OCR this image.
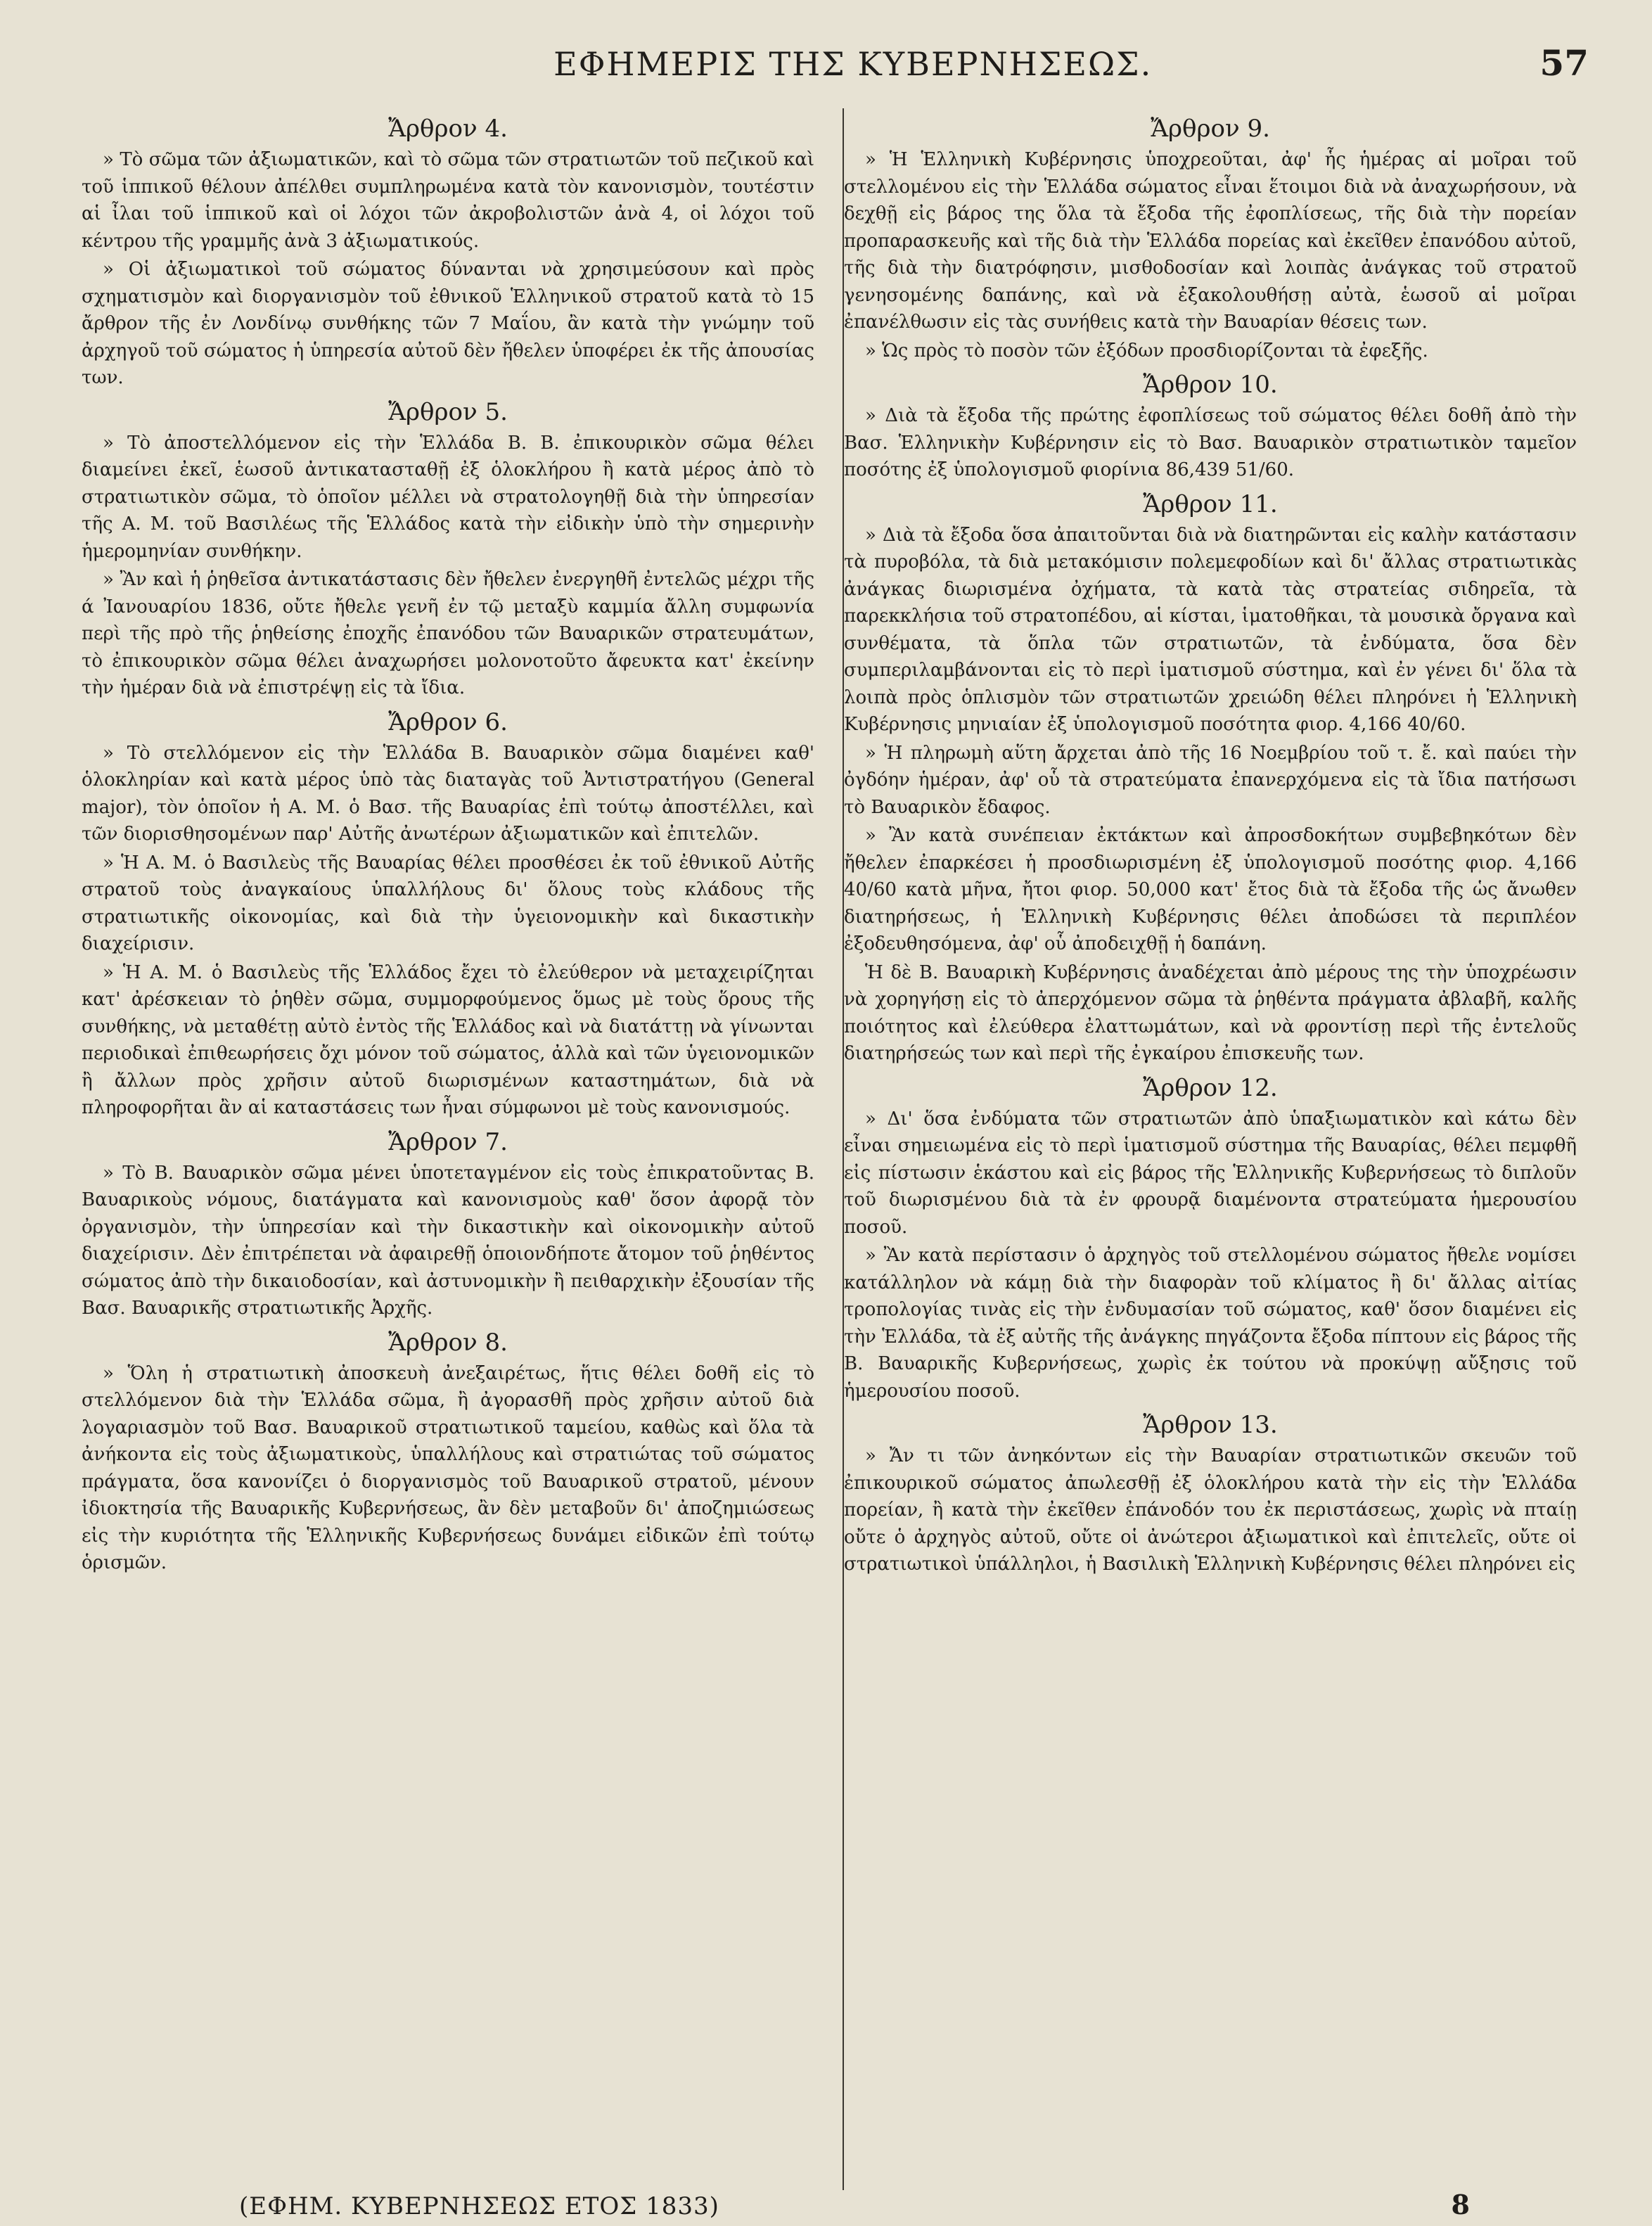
ΕΦΗΜΕΡΙΣ ΤΗΣ ΚΥΒΕΡΝΗΣΕΩΣ.	57
Ἄρθρον 4.

» Τὸ σῶμα τῶν ἀξιωματικῶν, καὶ τὸ σῶμα τῶν στρατιωτῶν τοῦ πεζικοῦ καὶ τοῦ ἱππικοῦ θέλουν ἀπέλθει συμπληρωμένα κατὰ τὸν κανονισμὸν, τουτέστιν αἱ ἶλαι τοῦ ἱππικοῦ καὶ οἱ λόχοι τῶν ἀκροβολιστῶν ἀνὰ 4, οἱ λόχοι τοῦ κέντρου τῆς γραμμῆς ἀνὰ 3 ἀξιωματικούς.

» Οἱ ἀξιωματικοὶ τοῦ σώματος δύνανται νὰ χρησιμεύσουν καὶ πρὸς σχηματισμὸν καὶ διοργανισμὸν τοῦ ἐθνικοῦ Ἑλληνικοῦ στρατοῦ κατὰ τὸ 15 ἄρθρον τῆς ἐν Λονδίνῳ συνθήκης τῶν 7 Μαΐου, ἂν κατὰ τὴν γνώμην τοῦ ἀρχηγοῦ τοῦ σώματος ἡ ὑπηρεσία αὐτοῦ δὲν ἤθελεν ὑποφέρει ἐκ τῆς ἀπουσίας των.

Ἄρθρον 5.

» Τὸ ἀποστελλόμενον εἰς τὴν Ἑλλάδα Β. Β. ἐπικουρικὸν σῶμα θέλει διαμείνει ἐκεῖ, ἑωσοῦ ἀντικατασταθῇ ἐξ ὁλοκλήρου ἢ κατὰ μέρος ἀπὸ τὸ στρατιωτικὸν σῶμα, τὸ ὁποῖον μέλλει νὰ στρατολογηθῇ διὰ τὴν ὑπηρεσίαν τῆς Α. Μ. τοῦ Βασιλέως τῆς Ἑλλάδος κατὰ τὴν εἰδικὴν ὑπὸ τὴν σημερινὴν ἡμερομηνίαν συνθήκην.

» Ἂν καὶ ἡ ῥηθεῖσα ἀντικατάστασις δὲν ἤθελεν ἐνεργηθῆ ἐντελῶς μέχρι τῆς ά Ἰανουαρίου 1836, οὔτε ἤθελε γενῆ ἐν τῷ μεταξὺ καμμία ἄλλη συμφωνία περὶ τῆς πρὸ τῆς ῥηθείσης ἐποχῆς ἐπανόδου τῶν Βαυαρικῶν στρατευμάτων, τὸ ἐπικουρικὸν σῶμα θέλει ἀναχωρήσει μολονοτοῦτο ἄφευκτα κατ' ἐκείνην τὴν ἡμέραν διὰ νὰ ἐπιστρέψῃ εἰς τὰ ἴδια.

Ἄρθρον 6.

» Τὸ στελλόμενον εἰς τὴν Ἑλλάδα Β. Βαυαρικὸν σῶμα διαμένει καθ' ὁλοκληρίαν καὶ κατὰ μέρος ὑπὸ τὰς διαταγὰς τοῦ Ἀντιστρατήγου (General major), τὸν ὁποῖον ἡ Α. Μ. ὁ Βασ. τῆς Βαυαρίας ἐπὶ τούτῳ ἀποστέλλει, καὶ τῶν διορισθησομένων παρ' Αὐτῆς ἀνωτέρων ἀξιωματικῶν καὶ ἐπιτελῶν.

» Ἡ Α. Μ. ὁ Βασιλεὺς τῆς Βαυαρίας θέλει προσθέσει ἐκ τοῦ ἐθνικοῦ Αὐτῆς στρατοῦ τοὺς ἀναγκαίους ὑπαλλήλους δι' ὅλους τοὺς κλάδους τῆς στρατιωτικῆς οἰκονομίας, καὶ διὰ τὴν ὑγειονομικὴν καὶ δικαστικὴν διαχείρισιν.

» Ἡ Α. Μ. ὁ Βασιλεὺς τῆς Ἑλλάδος ἔχει τὸ ἐλεύθερον νὰ μεταχειρίζηται κατ' ἀρέσκειαν τὸ ῥηθὲν σῶμα, συμμορφούμενος ὅμως μὲ τοὺς ὅρους τῆς συνθήκης, νὰ μεταθέτῃ αὐτὸ ἐντὸς τῆς Ἑλλάδος καὶ νὰ διατάττῃ νὰ γίνωνται περιοδικαὶ ἐπιθεωρήσεις ὄχι μόνον τοῦ σώματος, ἀλλὰ καὶ τῶν ὑγειονομικῶν ἢ ἄλλων πρὸς χρῆσιν αὐτοῦ διωρισμένων καταστημάτων, διὰ νὰ πληροφορῆται ἂν αἱ καταστάσεις των ἦναι σύμφωνοι μὲ τοὺς κανονισμούς.

Ἄρθρον 7.

» Τὸ Β. Βαυαρικὸν σῶμα μένει ὑποτεταγμένον εἰς τοὺς ἐπικρατοῦντας Β. Βαυαρικοὺς νόμους, διατάγματα καὶ κανονισμοὺς καθ' ὅσον ἀφορᾷ τὸν ὀργανισμὸν, τὴν ὑπηρεσίαν καὶ τὴν δικαστικὴν καὶ οἰκονομικὴν αὐτοῦ διαχείρισιν. Δὲν ἐπιτρέπεται νὰ ἀφαιρεθῇ ὁποιονδήποτε ἄτομον τοῦ ῥηθέντος σώματος ἀπὸ τὴν δικαιοδοσίαν, καὶ ἀστυνομικὴν ἢ πειθαρχικὴν ἐξουσίαν τῆς Βασ. Βαυαρικῆς στρατιωτικῆς Ἀρχῆς.

Ἄρθρον 8.

» Ὅλη ἡ στρατιωτικὴ ἀποσκευὴ ἀνεξαιρέτως, ἥτις θέλει δοθῆ εἰς τὸ στελλόμενον διὰ τὴν Ἑλλάδα σῶμα, ἢ ἀγορασθῆ πρὸς χρῆσιν αὐτοῦ διὰ λογαριασμὸν τοῦ Βασ. Βαυαρικοῦ στρατιωτικοῦ ταμείου, καθὼς καὶ ὅλα τὰ ἀνήκοντα εἰς τοὺς ἀξιωματικοὺς, ὑπαλλήλους καὶ στρατιώτας τοῦ σώματος πράγματα, ὅσα κανονίζει ὁ διοργανισμὸς τοῦ Βαυαρικοῦ στρατοῦ, μένουν ἰδιοκτησία τῆς Βαυαρικῆς Κυβερνήσεως, ἂν δὲν μεταβοῦν δι' ἀποζημιώσεως εἰς τὴν κυριότητα τῆς Ἑλληνικῆς Κυβερνήσεως δυνάμει εἰδικῶν ἐπὶ τούτῳ ὁρισμῶν.

Ἄρθρον 9.

» Ἡ Ἑλληνικὴ Κυβέρνησις ὑποχρεοῦται, ἀφ' ἧς ἡμέρας αἱ μοῖραι τοῦ στελλομένου εἰς τὴν Ἑλλάδα σώματος εἶναι ἕτοιμοι διὰ νὰ ἀναχωρήσουν, νὰ δεχθῇ εἰς βάρος της ὅλα τὰ ἔξοδα τῆς ἐφοπλίσεως, τῆς διὰ τὴν πορείαν προπαρασκευῆς καὶ τῆς διὰ τὴν Ἑλλάδα πορείας καὶ ἐκεῖθεν ἐπανόδου αὐτοῦ, τῆς διὰ τὴν διατρόφησιν, μισθοδοσίαν καὶ λοιπὰς ἀνάγκας τοῦ στρατοῦ γενησομένης δαπάνης, καὶ νὰ ἐξακολουθήσῃ αὐτὰ, ἑωσοῦ αἱ μοῖραι ἐπανέλθωσιν εἰς τὰς συνήθεις κατὰ τὴν Βαυαρίαν θέσεις των.

» Ὡς πρὸς τὸ ποσὸν τῶν ἐξόδων προσδιορίζονται τὰ ἐφεξῆς.

Ἄρθρον 10.

» Διὰ τὰ ἔξοδα τῆς πρώτης ἐφοπλίσεως τοῦ σώματος θέλει δοθῆ ἀπὸ τὴν Βασ. Ἑλληνικὴν Κυβέρνησιν εἰς τὸ Βασ. Βαυαρικὸν στρατιωτικὸν ταμεῖον ποσότης ἐξ ὑπολογισμοῦ φιορίνια 86,439 51/60.

Ἄρθρον 11.

» Διὰ τὰ ἔξοδα ὅσα ἀπαιτοῦνται διὰ νὰ διατηρῶνται εἰς καλὴν κατάστασιν τὰ πυροβόλα, τὰ διὰ μετακόμισιν πολεμεφοδίων καὶ δι' ἄλλας στρατιωτικὰς ἀνάγκας διωρισμένα ὀχήματα, τὰ κατὰ τὰς στρατείας σιδηρεῖα, τὰ παρεκκλήσια τοῦ στρατοπέδου, αἱ κίσται, ἱματοθῆκαι, τὰ μουσικὰ ὄργανα καὶ συνθέματα, τὰ ὅπλα τῶν στρατιωτῶν, τὰ ἐνδύματα, ὅσα δὲν συμπεριλαμβάνονται εἰς τὸ περὶ ἱματισμοῦ σύστημα, καὶ ἐν γένει δι' ὅλα τὰ λοιπὰ πρὸς ὁπλισμὸν τῶν στρατιωτῶν χρειώδη θέλει πληρόνει ἡ Ἑλληνικὴ Κυβέρνησις μηνιαίαν ἐξ ὑπολογισμοῦ ποσότητα φιορ. 4,166 40/60.

» Ἡ πληρωμὴ αὕτη ἄρχεται ἀπὸ τῆς 16 Νοεμβρίου τοῦ τ. ἔ. καὶ παύει τὴν ὀγδόην ἡμέραν, ἀφ' οὗ τὰ στρατεύματα ἐπανερχόμενα εἰς τὰ ἴδια πατήσωσι τὸ Βαυαρικὸν ἔδαφος.

» Ἂν κατὰ συνέπειαν ἐκτάκτων καὶ ἀπροσδοκήτων συμβεβηκότων δὲν ἤθελεν ἐπαρκέσει ἡ προσδιωρισμένη ἐξ ὑπολογισμοῦ ποσότης φιορ. 4,166 40/60 κατὰ μῆνα, ἤτοι φιορ. 50,000 κατ' ἔτος διὰ τὰ ἔξοδα τῆς ὡς ἄνωθεν διατηρήσεως, ἡ Ἑλληνικὴ Κυβέρνησις θέλει ἀποδώσει τὰ περιπλέον ἐξοδευθησόμενα, ἀφ' οὗ ἀποδειχθῇ ἡ δαπάνη.

Ἡ δὲ Β. Βαυαρικὴ Κυβέρνησις ἀναδέχεται ἀπὸ μέρους της τὴν ὑποχρέωσιν νὰ χορηγήσῃ εἰς τὸ ἀπερχόμενον σῶμα τὰ ῥηθέντα πράγματα ἀβλαβῆ, καλῆς ποιότητος καὶ ἐλεύθερα ἐλαττωμάτων, καὶ νὰ φροντίσῃ περὶ τῆς ἐντελοῦς διατηρήσεώς των καὶ περὶ τῆς ἐγκαίρου ἐπισκευῆς των.

Ἄρθρον 12.

» Δι' ὅσα ἐνδύματα τῶν στρατιωτῶν ἀπὸ ὑπαξιωματικὸν καὶ κάτω δὲν εἶναι σημειωμένα εἰς τὸ περὶ ἱματισμοῦ σύστημα τῆς Βαυαρίας, θέλει πεμφθῆ εἰς πίστωσιν ἑκάστου καὶ εἰς βάρος τῆς Ἑλληνικῆς Κυβερνήσεως τὸ διπλοῦν τοῦ διωρισμένου διὰ τὰ ἐν φρουρᾷ διαμένοντα στρατεύματα ἡμερουσίου ποσοῦ.

» Ἂν κατὰ περίστασιν ὁ ἀρχηγὸς τοῦ στελλομένου σώματος ἤθελε νομίσει κατάλληλον νὰ κάμῃ διὰ τὴν διαφορὰν τοῦ κλίματος ἢ δι' ἄλλας αἰτίας τροπολογίας τινὰς εἰς τὴν ἐνδυμασίαν τοῦ σώματος, καθ' ὅσον διαμένει εἰς τὴν Ἑλλάδα, τὰ ἐξ αὐτῆς τῆς ἀνάγκης πηγάζοντα ἔξοδα πίπτουν εἰς βάρος τῆς Β. Βαυαρικῆς Κυβερνήσεως, χωρὶς ἐκ τούτου νὰ προκύψῃ αὔξησις τοῦ ἡμερουσίου ποσοῦ.

Ἄρθρον 13.

» Ἄν τι τῶν ἀνηκόντων εἰς τὴν Βαυαρίαν στρατιωτικῶν σκευῶν τοῦ ἐπικουρικοῦ σώματος ἀπωλεσθῇ ἐξ ὁλοκλήρου κατὰ τὴν εἰς τὴν Ἑλλάδα πορείαν, ἢ κατὰ τὴν ἐκεῖθεν ἐπάνοδόν του ἐκ περιστάσεως, χωρὶς νὰ πταίῃ οὔτε ὁ ἀρχηγὸς αὐτοῦ, οὔτε οἱ ἀνώτεροι ἀξιωματικοὶ καὶ ἐπιτελεῖς, οὔτε οἱ στρατιωτικοὶ ὑπάλληλοι, ἡ Βασιλικὴ Ἑλληνικὴ Κυβέρνησις θέλει πληρόνει εἰς

(ΕΦΗΜ. ΚΥΒΕΡΝΗΣΕΩΣ ΕΤΟΣ 1833)	8
